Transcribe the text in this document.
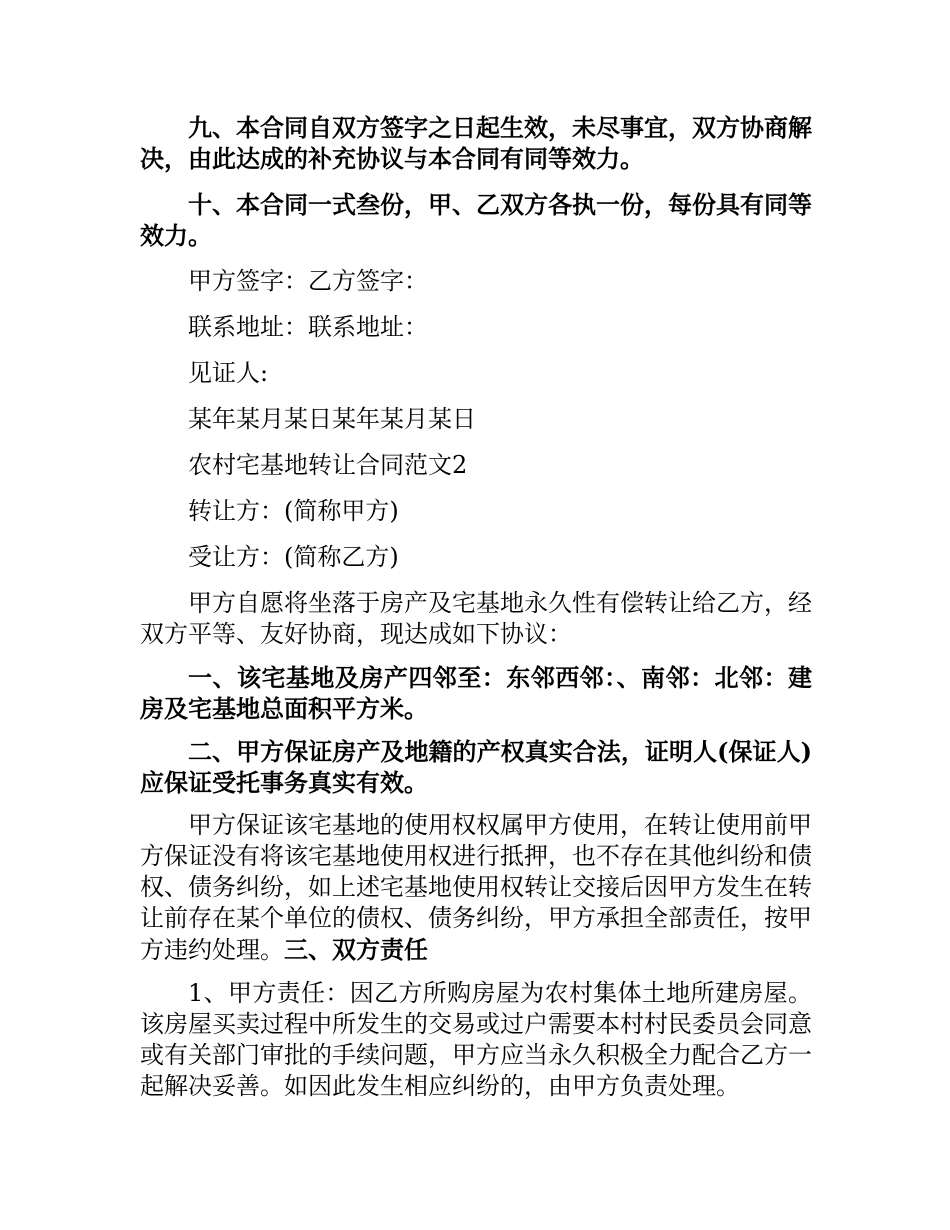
九、本合同自双方签字之日起生效，未尽事宜，双方协商解决，由此达成的补充协议与本合同有同等效力。

十、本合同一式叁份，甲、乙双方各执一份，每份具有同等效力。

甲方签字：乙方签字：

联系地址：联系地址：

见证人:

某年某月某日某年某月某日

农村宅基地转让合同范文2

转让方：(简称甲方)

受让方：(简称乙方)

甲方自愿将坐落于房产及宅基地永久性有偿转让给乙方，经双方平等、友好协商，现达成如下协议：

一、该宅基地及房产四邻至：东邻西邻：、南邻：北邻：建房及宅基地总面积平方米。

二、甲方保证房产及地籍的产权真实合法，证明人(保证人)应保证受托事务真实有效。

甲方保证该宅基地的使用权权属甲方使用，在转让使用前甲方保证没有将该宅基地使用权进行抵押，也不存在其他纠纷和债权、债务纠纷，如上述宅基地使用权转让交接后因甲方发生在转让前存在某个单位的债权、债务纠纷，甲方承担全部责任，按甲方违约处理。三、双方责任

1、甲方责任：因乙方所购房屋为农村集体土地所建房屋。该房屋买卖过程中所发生的交易或过户需要本村村民委员会同意或有关部门审批的手续问题，甲方应当永久积极全力配合乙方一起解决妥善。如因此发生相应纠纷的，由甲方负责处理。
